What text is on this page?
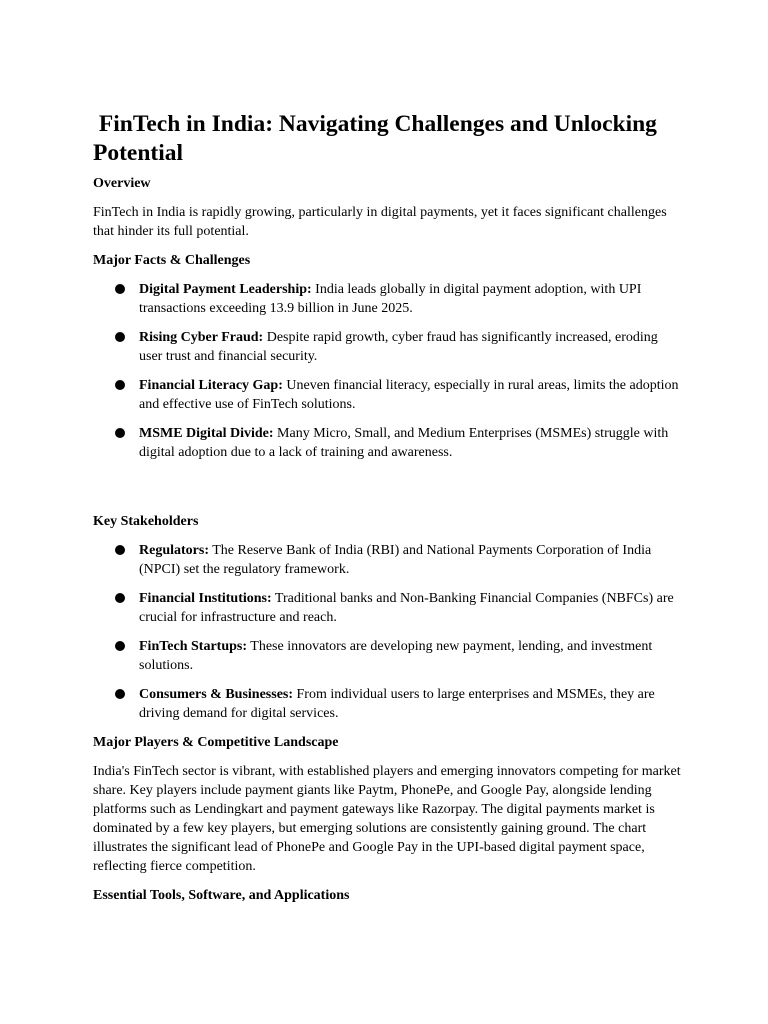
FinTech in India: Navigating Challenges and Unlocking Potential
Overview

FinTech in India is rapidly growing, particularly in digital payments, yet it faces significant challenges that hinder its full potential.

Major Facts & Challenges
Digital Payment Leadership: India leads globally in digital payment adoption, with UPI transactions exceeding 13.9 billion in June 2025.
Rising Cyber Fraud: Despite rapid growth, cyber fraud has significantly increased, eroding user trust and financial security.
Financial Literacy Gap: Uneven financial literacy, especially in rural areas, limits the adoption and effective use of FinTech solutions.
MSME Digital Divide: Many Micro, Small, and Medium Enterprises (MSMEs) struggle with digital adoption due to a lack of training and awareness.
Key Stakeholders
Regulators: The Reserve Bank of India (RBI) and National Payments Corporation of India (NPCI) set the regulatory framework.
Financial Institutions: Traditional banks and Non-Banking Financial Companies (NBFCs) are crucial for infrastructure and reach.
FinTech Startups: These innovators are developing new payment, lending, and investment solutions.
Consumers & Businesses: From individual users to large enterprises and MSMEs, they are driving demand for digital services.
Major Players & Competitive Landscape

India's FinTech sector is vibrant, with established players and emerging innovators competing for market share. Key players include payment giants like Paytm, PhonePe, and Google Pay, alongside lending platforms such as Lendingkart and payment gateways like Razorpay. The digital payments market is dominated by a few key players, but emerging solutions are consistently gaining ground. The chart illustrates the significant lead of PhonePe and Google Pay in the UPI-based digital payment space, reflecting fierce competition.

Essential Tools, Software, and Applications
